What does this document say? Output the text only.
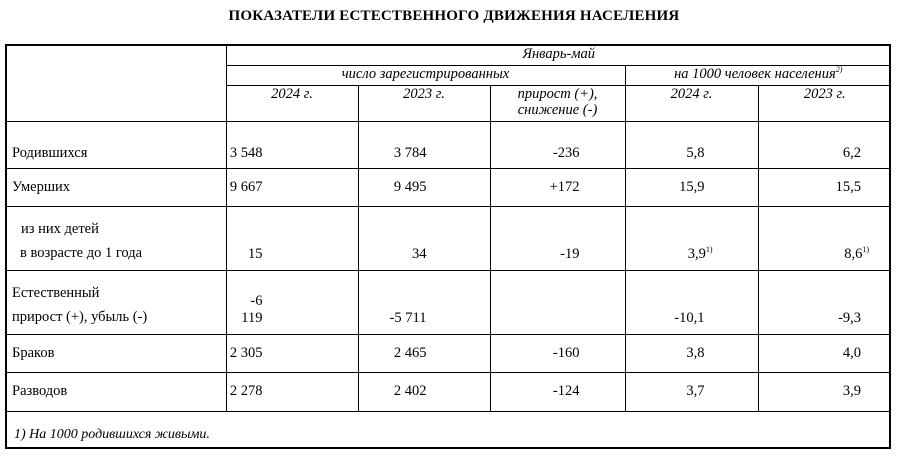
ПОКАЗАТЕЛИ ЕСТЕСТВЕННОГО ДВИЖЕНИЯ НАСЕЛЕНИЯ
	Январь-май				
	число зарегистрированных			на 1000 человек населения$^{2)}$
	2024 г.	2023 г.	прирост (+),
снижение (-)	2024 г.	2023 г.
Родившихся	3 548	3 784	-236	5,8	6,2
Умерших	9 667	9 495	+172	15,9	15,5

из них детей
в возрасте до 1 года	15	34	-19	3,9$^{1)}$	8,6$^{1)}$

Естественный
прирост (+), убыль (-)	-6 119	-5 711		-10,1	-9,3
Браков	2 305	2 465	-160	3,8	4,0
Разводов	2 278	2 402	-124	3,7	3,9
1) На 1000 родившихся живыми.
